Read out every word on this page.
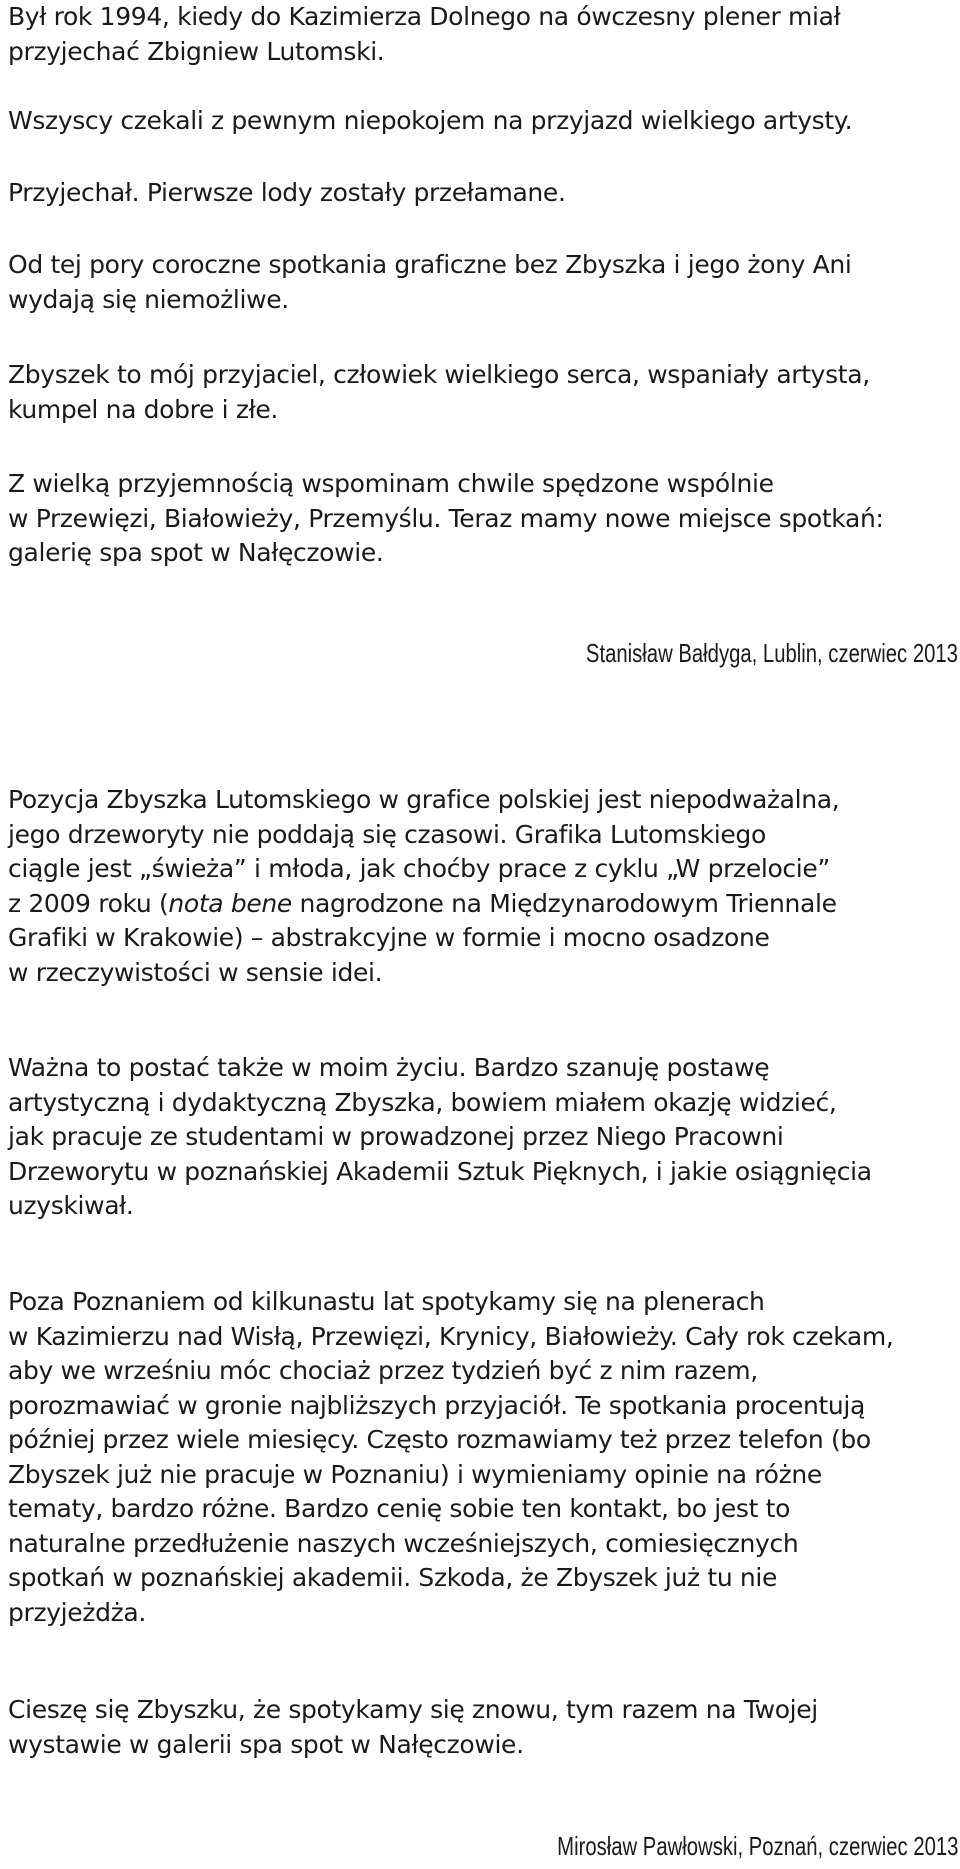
Był rok 1994, kiedy do Kazimierza Dolnego na ówczesny plener miał
przyjechać Zbigniew Lutomski.

Wszyscy czekali z pewnym niepokojem na przyjazd wielkiego artysty.

Przyjechał. Pierwsze lody zostały przełamane.

Od tej pory coroczne spotkania graficzne bez Zbyszka i jego żony Ani
wydają się niemożliwe.

Zbyszek to mój przyjaciel, człowiek wielkiego serca, wspaniały artysta,
kumpel na dobre i złe.

Z wielką przyjemnością wspominam chwile spędzone wspólnie
w Przewięzi, Białowieży, Przemyślu. Teraz mamy nowe miejsce spotkań:
galerię spa spot w Nałęczowie.

Stanisław Bałdyga, Lublin, czerwiec 2013

Pozycja Zbyszka Lutomskiego w grafice polskiej jest niepodważalna,
jego drzeworyty nie poddają się czasowi. Grafika Lutomskiego
ciągle jest „świeża” i młoda, jak choćby prace z cyklu „W przelocie”
z 2009 roku (nota bene nagrodzone na Międzynarodowym Triennale
Grafiki w Krakowie) – abstrakcyjne w formie i mocno osadzone
w rzeczywistości w sensie idei.

Ważna to postać także w moim życiu. Bardzo szanuję postawę
artystyczną i dydaktyczną Zbyszka, bowiem miałem okazję widzieć,
jak pracuje ze studentami w prowadzonej przez Niego Pracowni
Drzeworytu w poznańskiej Akademii Sztuk Pięknych, i jakie osiągnięcia
uzyskiwał.

Poza Poznaniem od kilkunastu lat spotykamy się na plenerach
w Kazimierzu nad Wisłą, Przewięzi, Krynicy, Białowieży. Cały rok czekam,
aby we wrześniu móc chociaż przez tydzień być z nim razem,
porozmawiać w gronie najbliższych przyjaciół. Te spotkania procentują
później przez wiele miesięcy. Często rozmawiamy też przez telefon (bo
Zbyszek już nie pracuje w Poznaniu) i wymieniamy opinie na różne
tematy, bardzo różne. Bardzo cenię sobie ten kontakt, bo jest to
naturalne przedłużenie naszych wcześniejszych, comiesięcznych
spotkań w poznańskiej akademii. Szkoda, że Zbyszek już tu nie
przyjeżdża.

Cieszę się Zbyszku, że spotykamy się znowu, tym razem na Twojej
wystawie w galerii spa spot w Nałęczowie.

Mirosław Pawłowski, Poznań, czerwiec 2013
